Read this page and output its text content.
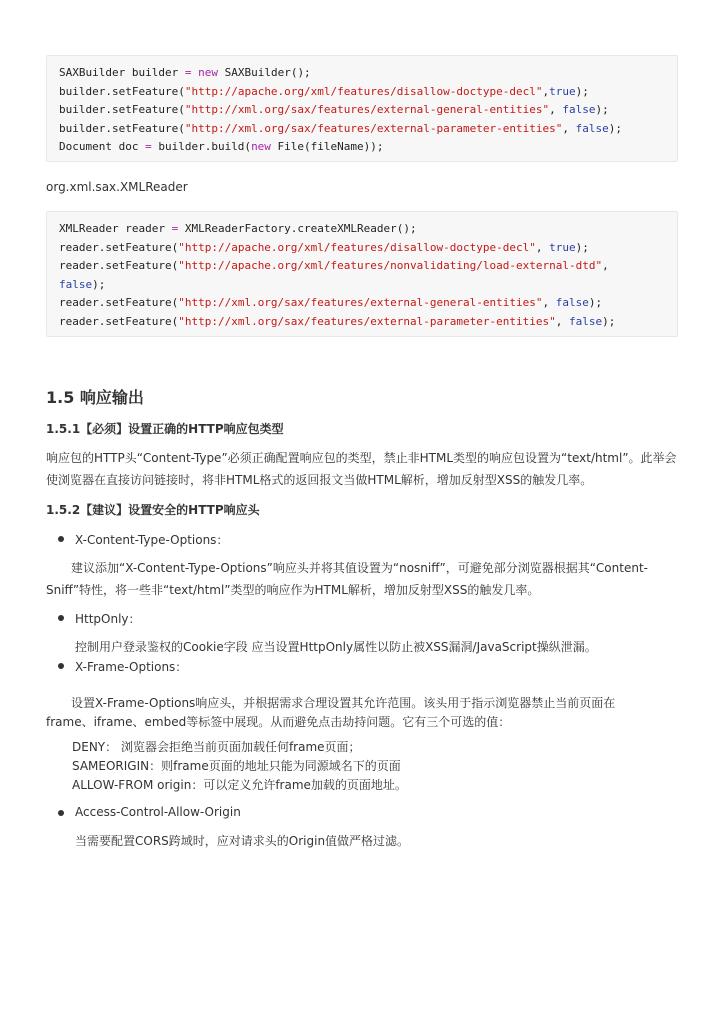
SAXBuilder builder = new SAXBuilder();
builder.setFeature("http://apache.org/xml/features/disallow-doctype-decl",true);
builder.setFeature("http://xml.org/sax/features/external-general-entities", false);
builder.setFeature("http://xml.org/sax/features/external-parameter-entities", false);
Document doc = builder.build(new File(fileName));
org.xml.sax.XMLReader
XMLReader reader = XMLReaderFactory.createXMLReader();
reader.setFeature("http://apache.org/xml/features/disallow-doctype-decl", true);
reader.setFeature("http://apache.org/xml/features/nonvalidating/load-external-dtd",
false);
reader.setFeature("http://xml.org/sax/features/external-general-entities", false);
reader.setFeature("http://xml.org/sax/features/external-parameter-entities", false);
1.5 响应输出
1.5.1【必须】设置正确的HTTP响应包类型
响应包的HTTP头“Content-Type”必须正确配置响应包的类型，禁止非HTML类型的响应包设置为“text/html”。此举会使浏览器在直接访问链接时，将非HTML格式的返回报文当做HTML解析，增加反射型XSS的触发几率。
1.5.2【建议】设置安全的HTTP响应头
X-Content-Type-Options：
建议添加“X-Content-Type-Options”响应头并将其值设置为“nosniff”，可避免部分浏览器根据其“Content-Sniff”特性，将一些非“text/html”类型的响应作为HTML解析，增加反射型XSS的触发几率。
HttpOnly：
控制用户登录鉴权的Cookie字段 应当设置HttpOnly属性以防止被XSS漏洞/JavaScript操纵泄漏。
X-Frame-Options：
设置X-Frame-Options响应头，并根据需求合理设置其允许范围。该头用于指示浏览器禁止当前页面在frame、iframe、embed等标签中展现。从而避免点击劫持问题。它有三个可选的值：
DENY： 浏览器会拒绝当前页面加载任何frame页面；
SAMEORIGIN：则frame页面的地址只能为同源域名下的页面
ALLOW-FROM origin：可以定义允许frame加载的页面地址。
Access-Control-Allow-Origin
当需要配置CORS跨域时，应对请求头的Origin值做严格过滤。
